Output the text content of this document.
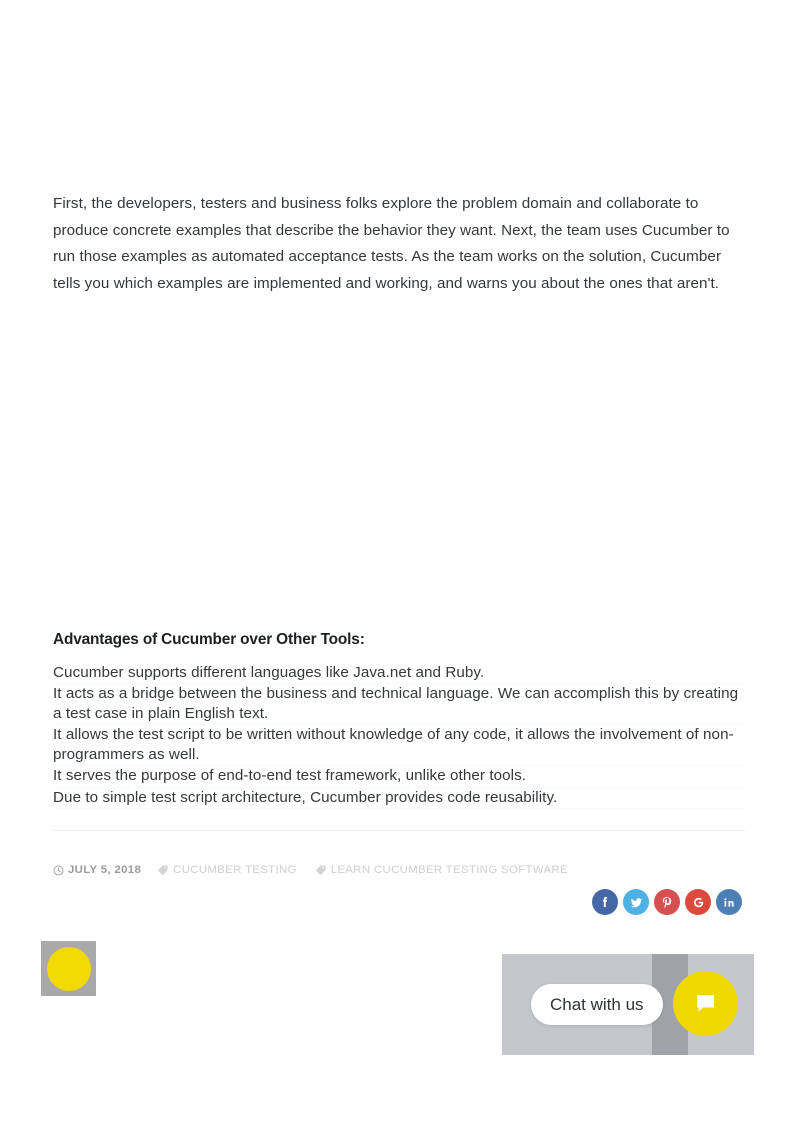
First, the developers, testers and business folks explore the problem domain and collaborate to produce concrete examples that describe the behavior they want. Next, the team uses Cucumber to run those examples as automated acceptance tests. As the team works on the solution, Cucumber tells you which examples are implemented and working, and warns you about the ones that aren't.

Advantages of Cucumber over Other Tools:
Cucumber supports different languages like Java.net and Ruby.
It acts as a bridge between the business and technical language. We can accomplish this by creating a test case in plain English text.
It allows the test script to be written without knowledge of any code, it allows the involvement of non-programmers as well.
It serves the purpose of end-to-end test framework, unlike other tools.
Due to simple test script architecture, Cucumber provides code reusability.
JULY 5, 2018	CUCUMBER TESTING	LEARN CUCUMBER TESTING SOFTWARE
Chat with us
